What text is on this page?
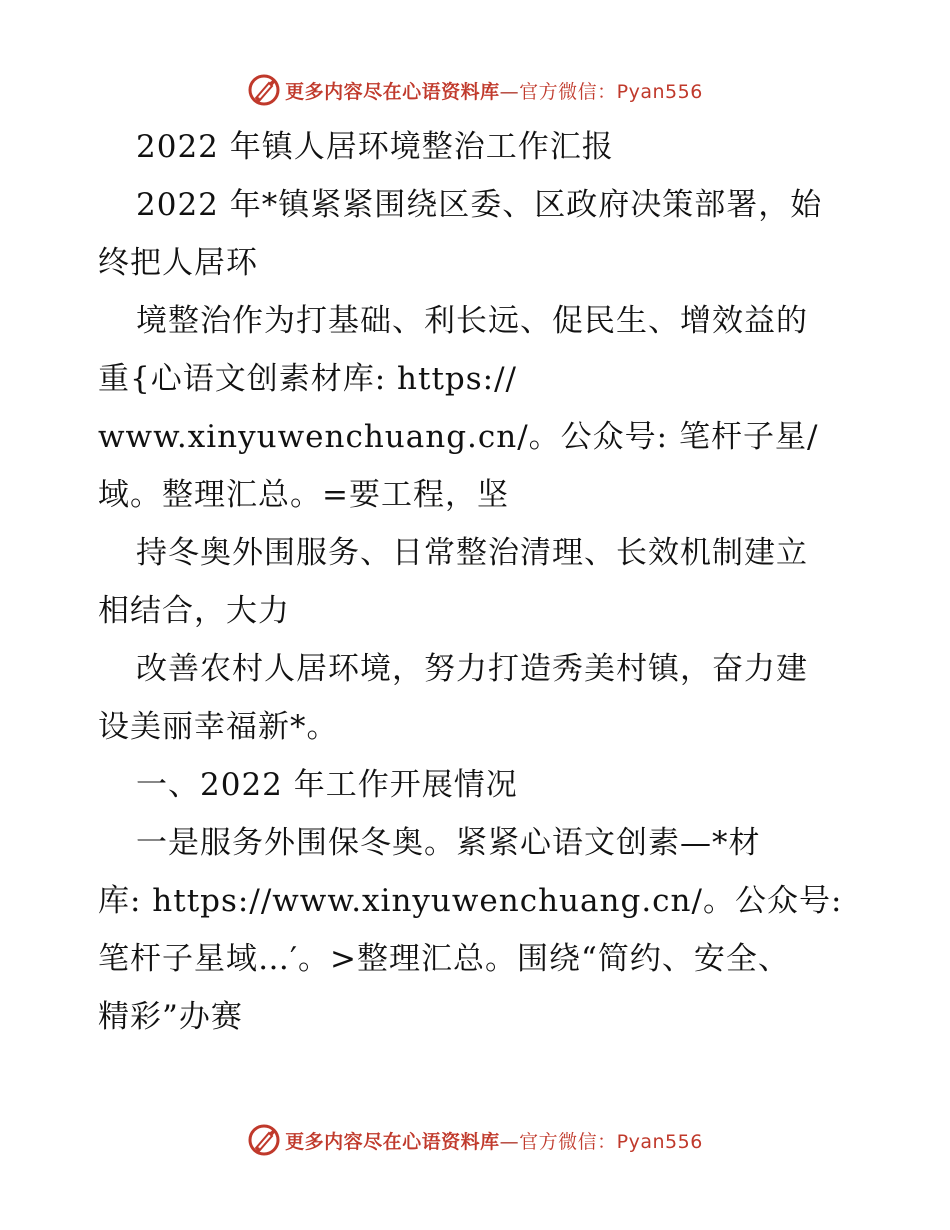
更多内容尽在心语资料库—官方微信：Pyan556
2022 年镇人居环境整治工作汇报
2022 年*镇紧紧围绕区委、区政府决策部署，始
终把人居环
境整治作为打基础、利长远、促民生、增效益的
重{心语文创素材库: https://
www.xinyuwenchuang.cn/。公众号: 笔杆子星/
域。整理汇总。=要工程，坚
持冬奥外围服务、日常整治清理、长效机制建立
相结合，大力
改善农村人居环境，努力打造秀美村镇，奋力建
设美丽幸福新*。
一、2022 年工作开展情况
一是服务外围保冬奥。紧紧心语文创素—*材
库: https://www.xinyuwenchuang.cn/。公众号:
笔杆子星域…′。>整理汇总。围绕“简约、安全、
精彩”办赛
更多内容尽在心语资料库—官方微信：Pyan556
